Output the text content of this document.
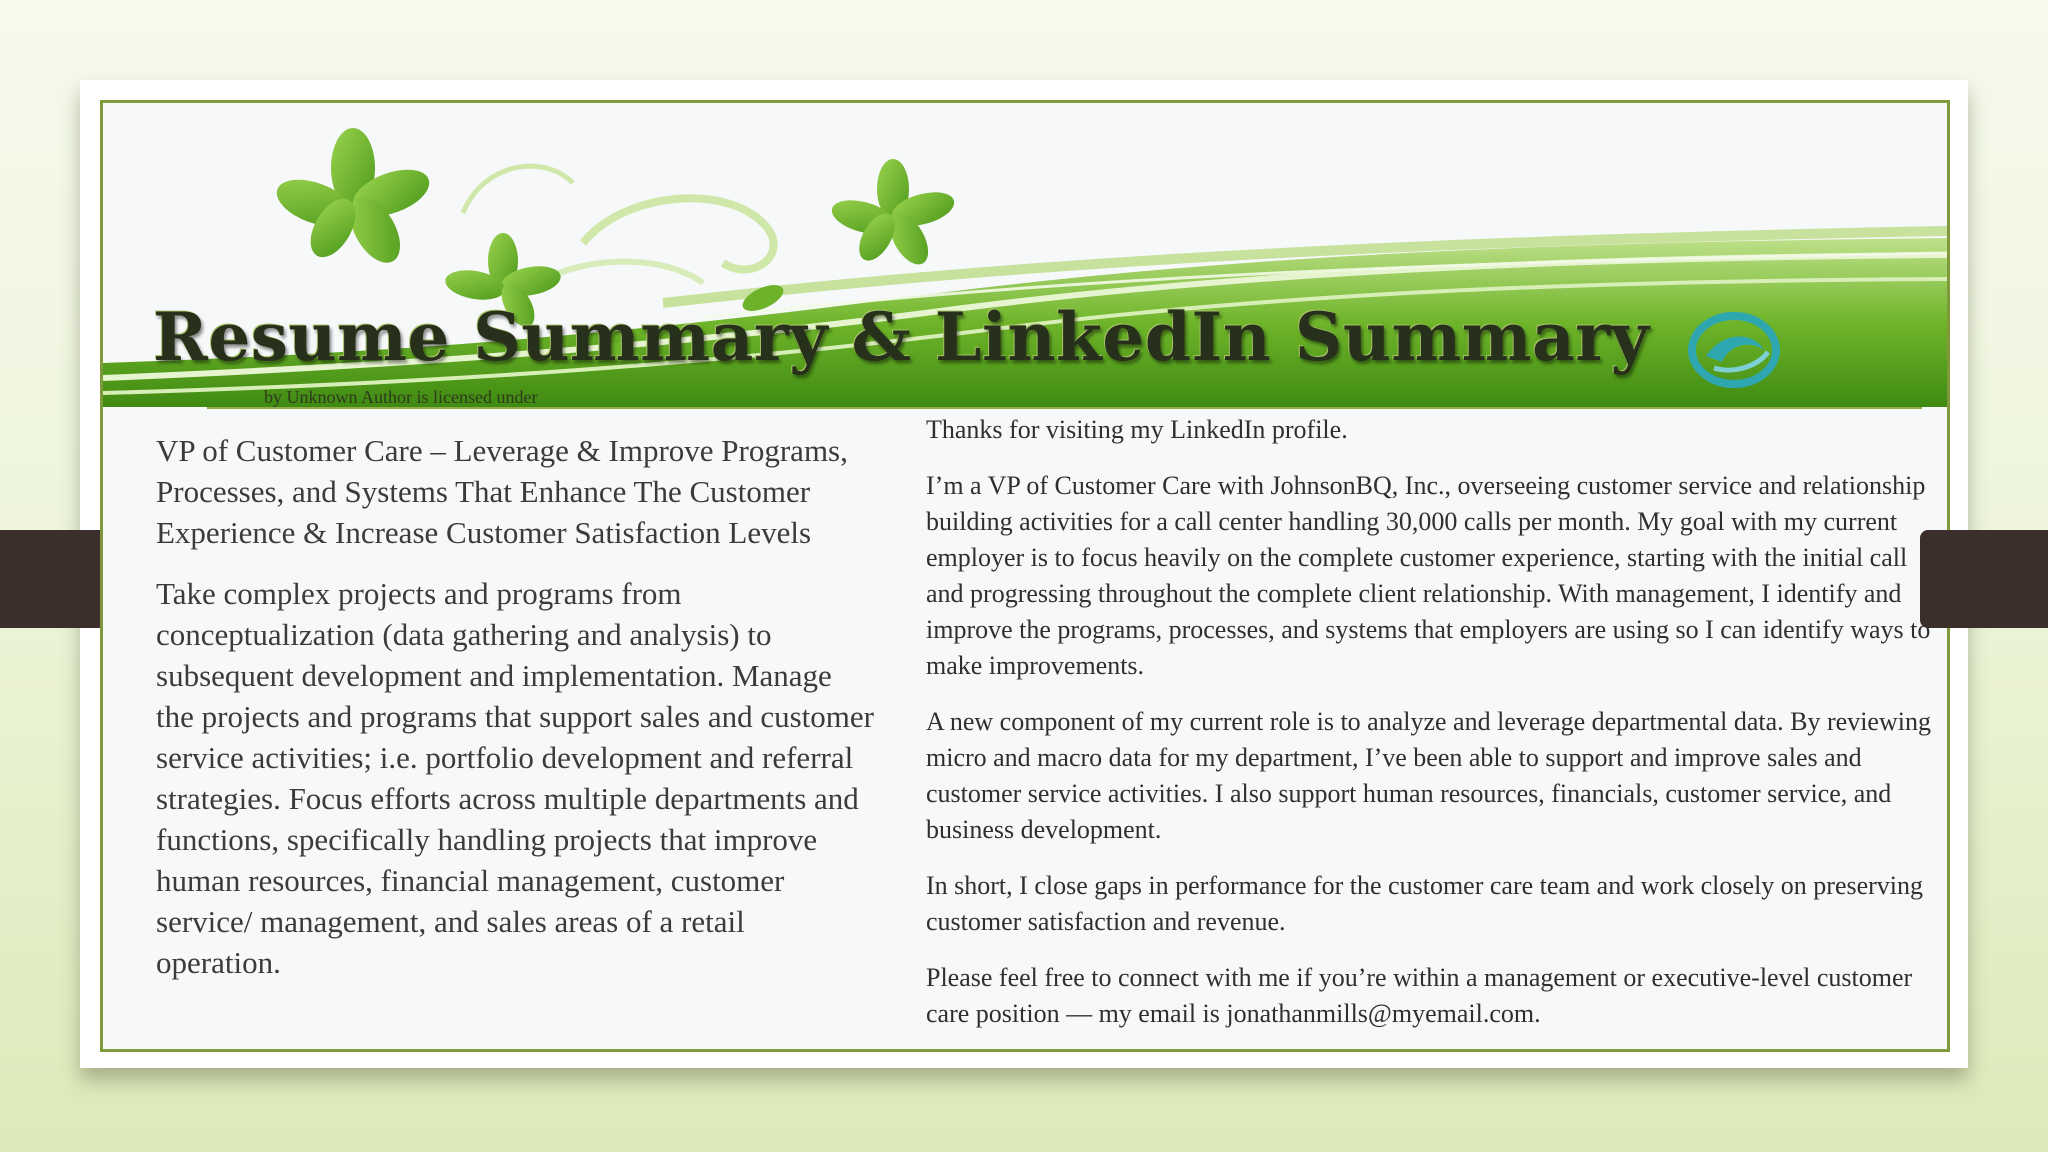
Resume Summary & LinkedIn Summary
by Unknown Author is licensed under

VP of Customer Care – Leverage & Improve Programs, Processes, and Systems That Enhance The Customer Experience & Increase Customer Satisfaction Levels

Take complex projects and programs from conceptualization (data gathering and analysis) to subsequent development and implementation. Manage the projects and programs that support sales and customer service activities; i.e. portfolio development and referral strategies. Focus efforts across multiple departments and functions, specifically handling projects that improve human resources, financial management, customer service/ management, and sales areas of a retail operation.

Thanks for visiting my LinkedIn profile.

I’m a VP of Customer Care with JohnsonBQ, Inc., overseeing customer service and relationship building activities for a call center handling 30,000 calls per month. My goal with my current employer is to focus heavily on the complete customer experience, starting with the initial call and progressing throughout the complete client relationship. With management, I identify and improve the programs, processes, and systems that employers are using so I can identify ways to make improvements.

A new component of my current role is to analyze and leverage departmental data. By reviewing micro and macro data for my department, I’ve been able to support and improve sales and customer service activities. I also support human resources, financials, customer service, and business development.

In short, I close gaps in performance for the customer care team and work closely on preserving customer satisfaction and revenue.

Please feel free to connect with me if you’re within a management or executive-level customer care position — my email is jonathanmills@myemail.com.
